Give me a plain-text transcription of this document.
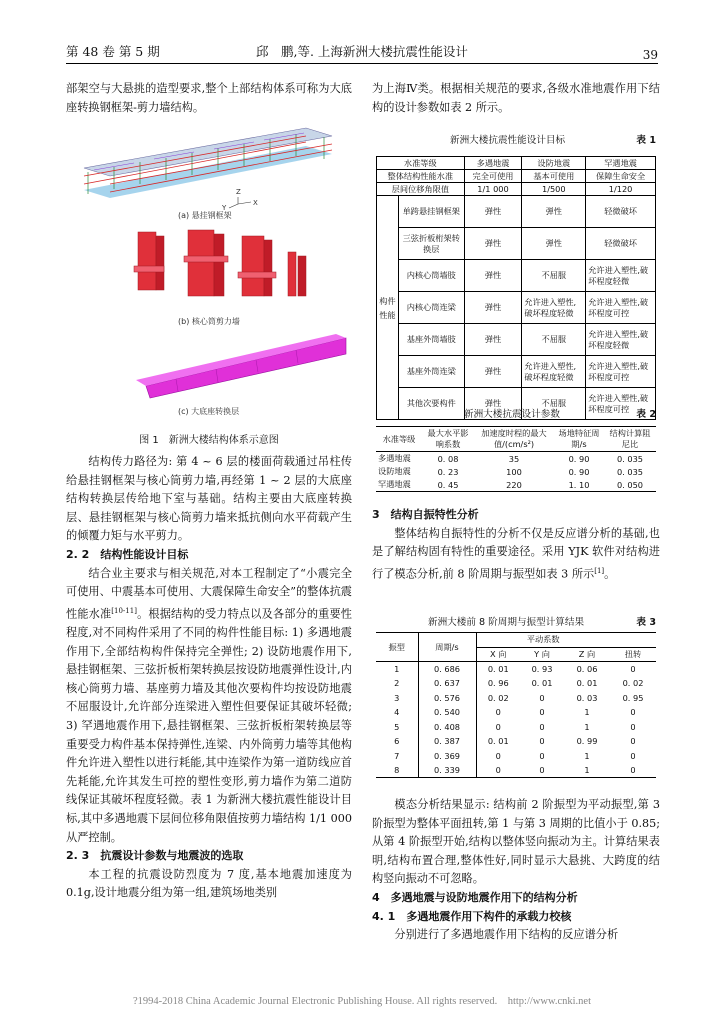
第 48 卷 第 5 期	邱　鹏,等. 上海新洲大楼抗震性能设计	39

部架空与大悬挑的造型要求,整个上部结构体系可称为大底座转换钢框架-剪力墙结构。

Z
X
Y
(a) 悬挂钢框架
(b) 核心筒剪力墙
(c) 大底座转换层
图 1　新洲大楼结构体系示意图

结构传力路径为: 第 4 ~ 6 层的楼面荷载通过吊柱传给悬挂钢框架与核心筒剪力墙,再经第 1 ~ 2 层的大底座结构转换层传给地下室与基础。结构主要由大底座转换层、悬挂钢框架与核心筒剪力墙来抵抗侧向水平荷载产生的倾覆力矩与水平剪力。

2. 2　结构性能设计目标

结合业主要求与相关规范,对本工程制定了“小震完全可使用、中震基本可使用、大震保障生命安全”的整体抗震性能水准[10-11]。根据结构的受力特点以及各部分的重要性程度,对不同构件采用了不同的构件性能目标: 1) 多遇地震作用下,全部结构构件保持完全弹性; 2) 设防地震作用下,悬挂钢框架、三弦折板桁架转换层按设防地震弹性设计,内核心筒剪力墙、基座剪力墙及其他次要构件均按设防地震不屈服设计,允许部分连梁进入塑性但要保证其破坏轻微; 3) 罕遇地震作用下,悬挂钢框架、三弦折板桁架转换层等重要受力构件基本保持弹性,连梁、内外筒剪力墙等其他构件允许进入塑性以进行耗能,其中连梁作为第一道防线应首先耗能,允许其发生可控的塑性变形,剪力墙作为第二道防线保证其破坏程度轻微。表 1 为新洲大楼抗震性能设计目标,其中多遇地震下层间位移角限值按剪力墙结构 1/1 000 从严控制。

2. 3　抗震设计参数与地震波的选取

本工程的抗震设防烈度为 7 度,基本地震加速度为 0.1g,设计地震分组为第一组,建筑场地类别

为上海Ⅳ类。根据相关规范的要求,各级水准地震作用下结构的设计参数如表 2 所示。

新洲大楼抗震性能设计目标	表 1
水准等级		多遇地震	设防地震	罕遇地震
整体结构性能水准		完全可使用	基本可使用	保障生命安全
层间位移角限值		1/1 000	1/500	1/120
构件性能	单跨悬挂钢框架	弹性	弹性	轻微破坏
	三弦折板桁架转换层	弹性	弹性	轻微破坏
	内核心筒墙肢	弹性	不屈服	允许进入塑性,破坏程度轻微
	内核心筒连梁	弹性	允许进入塑性,破坏程度轻微	允许进入塑性,破坏程度可控
	基座外筒墙肢	弹性	不屈服	允许进入塑性,破坏程度轻微
	基座外筒连梁	弹性	允许进入塑性,破坏程度轻微	允许进入塑性,破坏程度可控
	其他次要构件	弹性	不屈服	允许进入塑性,破坏程度可控
新洲大楼抗震设计参数	表 2
水准等级	最大水平影响系数	加速度时程的最大值/(cm/s²)	场地特征周期/s	结构计算阻尼比
多遇地震	0. 08	35	0. 90	0. 035
设防地震	0. 23	100	0. 90	0. 035
罕遇地震	0. 45	220	1. 10	0. 050

3　结构自振特性分析

整体结构自振特性的分析不仅是反应谱分析的基础,也是了解结构固有特性的重要途径。采用 YJK 软件对结构进行了模态分析,前 8 阶周期与振型如表 3 所示[1]。

新洲大楼前 8 阶周期与振型计算结果	表 3
振型	周期/s	平动系数			
		X 向	Y 向	Z 向	扭转
1	0. 686	0. 01	0. 93	0. 06	0
2	0. 637	0. 96	0. 01	0. 01	0. 02
3	0. 576	0. 02	0	0. 03	0. 95
4	0. 540	0	0	1	0
5	0. 408	0	0	1	0
6	0. 387	0. 01	0	0. 99	0
7	0. 369	0	0	1	0
8	0. 339	0	0	1	0

模态分析结果显示: 结构前 2 阶振型为平动振型,第 3 阶振型为整体平面扭转,第 1 与第 3 周期的比值小于 0.85; 从第 4 阶振型开始,结构以整体竖向振动为主。计算结果表明,结构布置合理,整体性好,同时显示大悬挑、大跨度的结构竖向振动不可忽略。

4　多遇地震与设防地震作用下的结构分析

4. 1　多遇地震作用下构件的承载力校核

分别进行了多遇地震作用下结构的反应谱分析

?1994-2018 China Academic Journal Electronic Publishing House. All rights reserved.　http://www.cnki.net
